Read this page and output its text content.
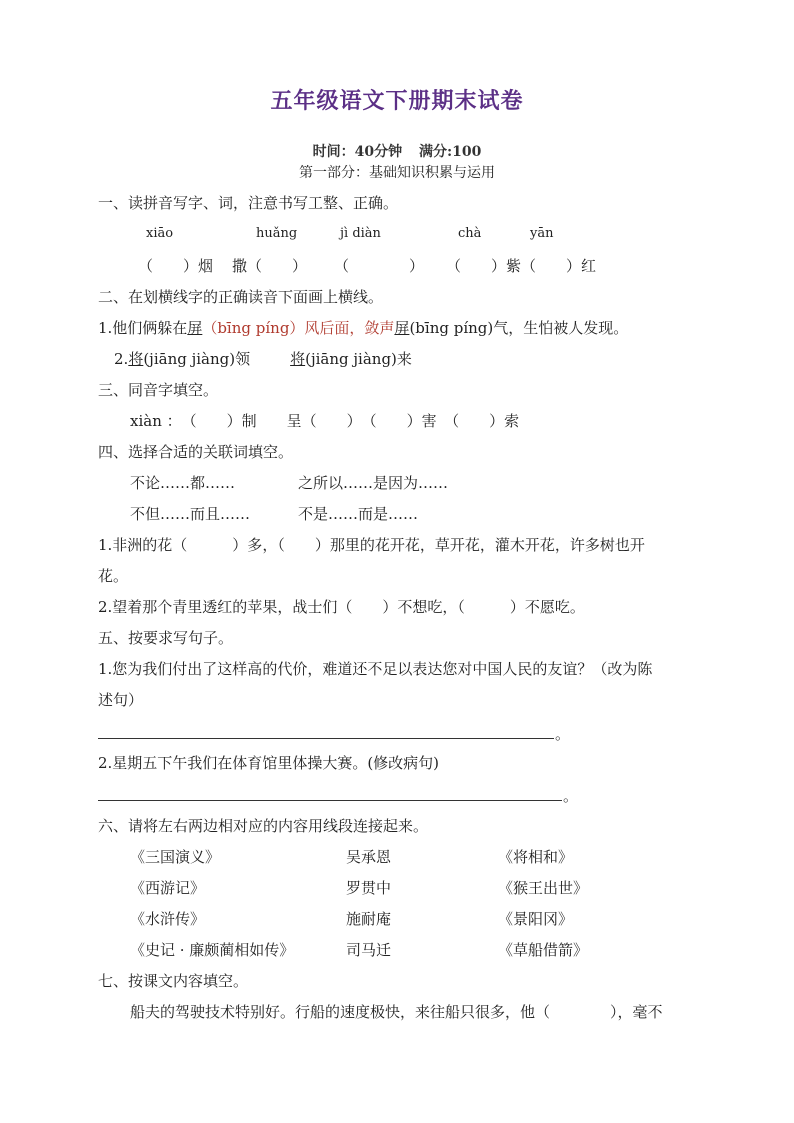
五年级语文下册期末试卷
时间：40分钟 满分:100
第一部分：基础知识积累与运用
一、读拼音写字、词，注意书写工整、正确。
xiāo	huǎng	jì diàn	chà	yān
（　　）烟 撒（　　） （　　　　） （　　）紫（　　）红
二、在划横线字的正确读音下面画上横线。
1.他们俩躲在屏（bīng píng）风后面，敛声屏(bīng píng)气，生怕被人发现。
2.将(jiāng jiàng)领	将(jiāng jiàng)来
三、同音字填空。
xiàn ：　（　　）制　　呈（　　）　（　　）害　（　　）索
四、选择合适的关联词填空。
不论……都……	之所以……是因为……
不但……而且……	不是……而是……
1.非洲的花（　　　）多，（　　）那里的花开花，草开花，灌木开花，许多树也开
花。
2.望着那个青里透红的苹果，战士们（　　）不想吃，（　　　）不愿吃。
五、按要求写句子。
1.您为我们付出了这样高的代价，难道还不足以表达您对中国人民的友谊？（改为陈
述句）
。
2.星期五下午我们在体育馆里体操大赛。(修改病句)
。
六、请将左右两边相对应的内容用线段连接起来。
《三国演义》	吴承恩	《将相和》
《西游记》	罗贯中	《猴王出世》
《水浒传》	施耐庵	《景阳冈》
《史记 · 廉颇蔺相如传》	司马迁	《草船借箭》
七、按课文内容填空。
船夫的驾驶技术特别好。行船的速度极快，来往船只很多，他（　　　　），毫不
